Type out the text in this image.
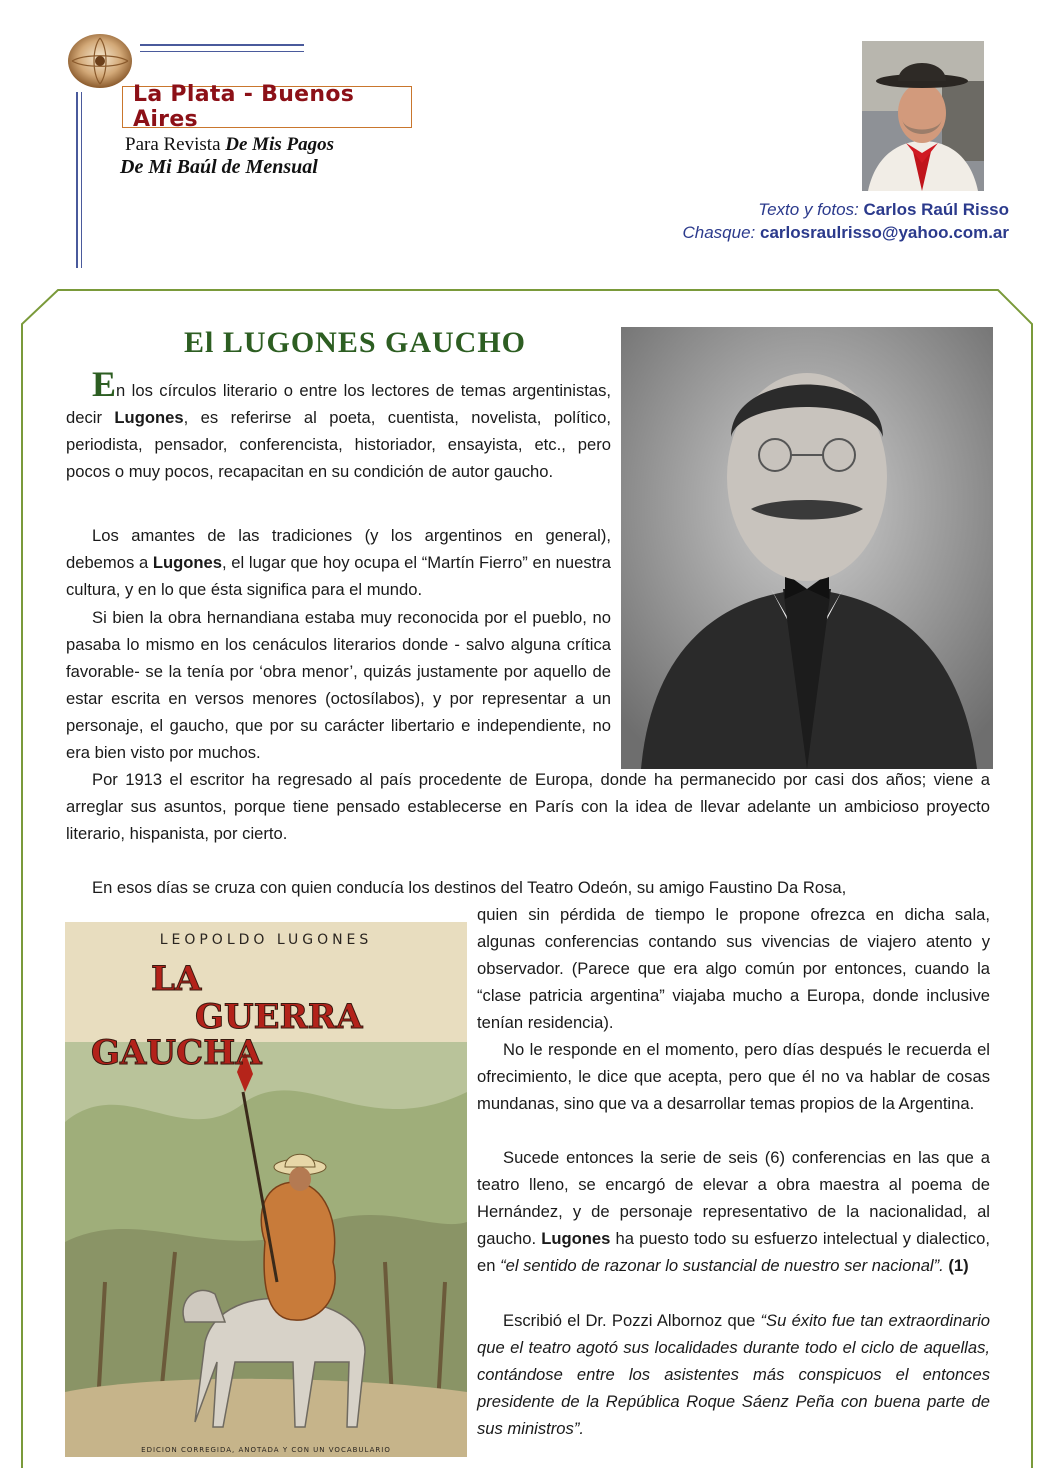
La Plata - Buenos Aires
Para Revista De Mis Pagos
De Mi Baúl de Mensual
Texto y fotos: Carlos Raúl Risso
Chasque: carlosraulrisso@yahoo.com.ar
El LUGONES GAUCHO
En los círculos literario o entre los lectores de temas argentinistas, decir Lugones, es referirse al poeta, cuentista, novelista, político, periodista, pensador, conferencista, historiador, ensayista, etc., pero pocos o muy pocos, recapacitan en su condición de autor gaucho.
Los amantes de las tradiciones (y los argentinos en general), debemos a Lugones, el lugar que hoy ocupa el “Martín Fierro” en nuestra cultura, y en lo que ésta significa para el mundo.
Si bien la obra hernandiana estaba muy reconocida por el pueblo, no pasaba lo mismo en los cenáculos literarios donde - salvo alguna crítica favorable- se la tenía por ‘obra menor’, quizás justamente por aquello de estar escrita en versos menores (octosílabos), y por representar a un personaje, el gaucho, que por su carácter libertario e independiente, no era bien visto por muchos.
Por 1913 el escritor ha regresado al país procedente de Europa, donde ha permanecido por casi dos años; viene a arreglar sus asuntos, porque tiene pensado establecerse en París con la idea de llevar adelante un ambicioso proyecto literario, hispanista, por cierto.
En esos días se cruza con quien conducía los destinos del Teatro Odeón, su amigo Faustino Da Rosa,
quien sin pérdida de tiempo le propone ofrezca en dicha sala, algunas conferencias contando sus vivencias de viajero atento y observador. (Parece que era algo común por entonces, cuando la “clase patricia argentina” viajaba mucho a Europa, donde inclusive tenían residencia).
No le responde en el momento, pero días después le recuerda el ofrecimiento, le dice que acepta, pero que él no va hablar de cosas mundanas, sino que va a desarrollar temas propios de la Argentina.
Sucede entonces la serie de seis (6) conferencias en las que a teatro lleno, se encargó de elevar a obra maestra al poema de Hernández, y de personaje representativo de la nacionalidad, al gaucho. Lugones ha puesto todo su esfuerzo intelectual y dialectico, en “el sentido de razonar lo sustancial de nuestro ser nacional”. (1)
Escribió el Dr. Pozzi Albornoz que “Su éxito fue tan extraordinario que el teatro agotó sus localidades durante todo el ciclo de aquellas, contándose entre los asistentes más conspicuos el entonces presidente de la República Roque Sáenz Peña con buena parte de sus ministros”.
LEOPOLDO LUGONES
LA
GUERRA
GAUCHA
EDICION CORREGIDA, ANOTADA Y CON UN VOCABULARIO
